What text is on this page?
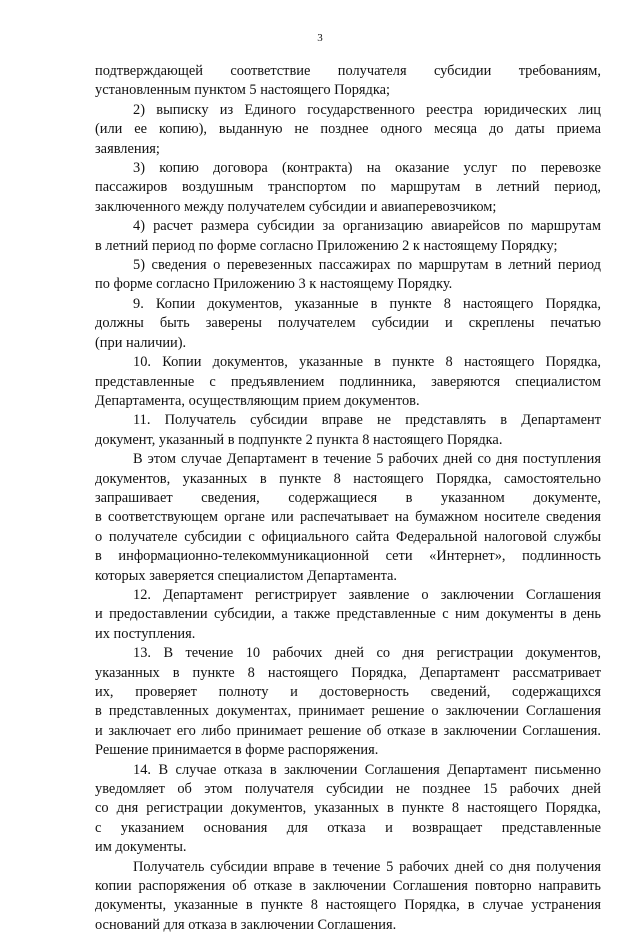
3
подтверждающей соответствие получателя субсидии требованиям,
установленным пунктом 5 настоящего Порядка;
2) выписку из Единого государственного реестра юридических лиц
(или ее копию), выданную не позднее одного месяца до даты приема
заявления;
3) копию договора (контракта) на оказание услуг по перевозке
пассажиров воздушным транспортом по маршрутам в летний период,
заключенного между получателем субсидии и авиаперевозчиком;
4) расчет размера субсидии за организацию авиарейсов по маршрутам
в летний период по форме согласно Приложению 2 к настоящему Порядку;
5) сведения о перевезенных пассажирах по маршрутам в летний период
по форме согласно Приложению 3 к настоящему Порядку.
9. Копии документов, указанные в пункте 8 настоящего Порядка,
должны быть заверены получателем субсидии и скреплены печатью
(при наличии).
10. Копии документов, указанные в пункте 8 настоящего Порядка,
представленные с предъявлением подлинника, заверяются специалистом
Департамента, осуществляющим прием документов.
11. Получатель субсидии вправе не представлять в Департамент
документ, указанный в подпункте 2 пункта 8 настоящего Порядка.
В этом случае Департамент в течение 5 рабочих дней со дня поступления
документов, указанных в пункте 8 настоящего Порядка, самостоятельно
запрашивает сведения, содержащиеся в указанном документе,
в соответствующем органе или распечатывает на бумажном носителе сведения
о получателе субсидии с официального сайта Федеральной налоговой службы
в информационно-телекоммуникационной сети «Интернет», подлинность
которых заверяется специалистом Департамента.
12. Департамент регистрирует заявление о заключении Соглашения
и предоставлении субсидии, а также представленные с ним документы в день
их поступления.
13. В течение 10 рабочих дней со дня регистрации документов,
указанных в пункте 8 настоящего Порядка, Департамент рассматривает
их, проверяет полноту и достоверность сведений, содержащихся
в представленных документах, принимает решение о заключении Соглашения
и заключает его либо принимает решение об отказе в заключении Соглашения.
Решение принимается в форме распоряжения.
14. В случае отказа в заключении Соглашения Департамент письменно
уведомляет об этом получателя субсидии не позднее 15 рабочих дней
со дня регистрации документов, указанных в пункте 8 настоящего Порядка,
с указанием основания для отказа и возвращает представленные
им документы.
Получатель субсидии вправе в течение 5 рабочих дней со дня получения
копии распоряжения об отказе в заключении Соглашения повторно направить
документы, указанные в пункте 8 настоящего Порядка, в случае устранения
оснований для отказа в заключении Соглашения.
